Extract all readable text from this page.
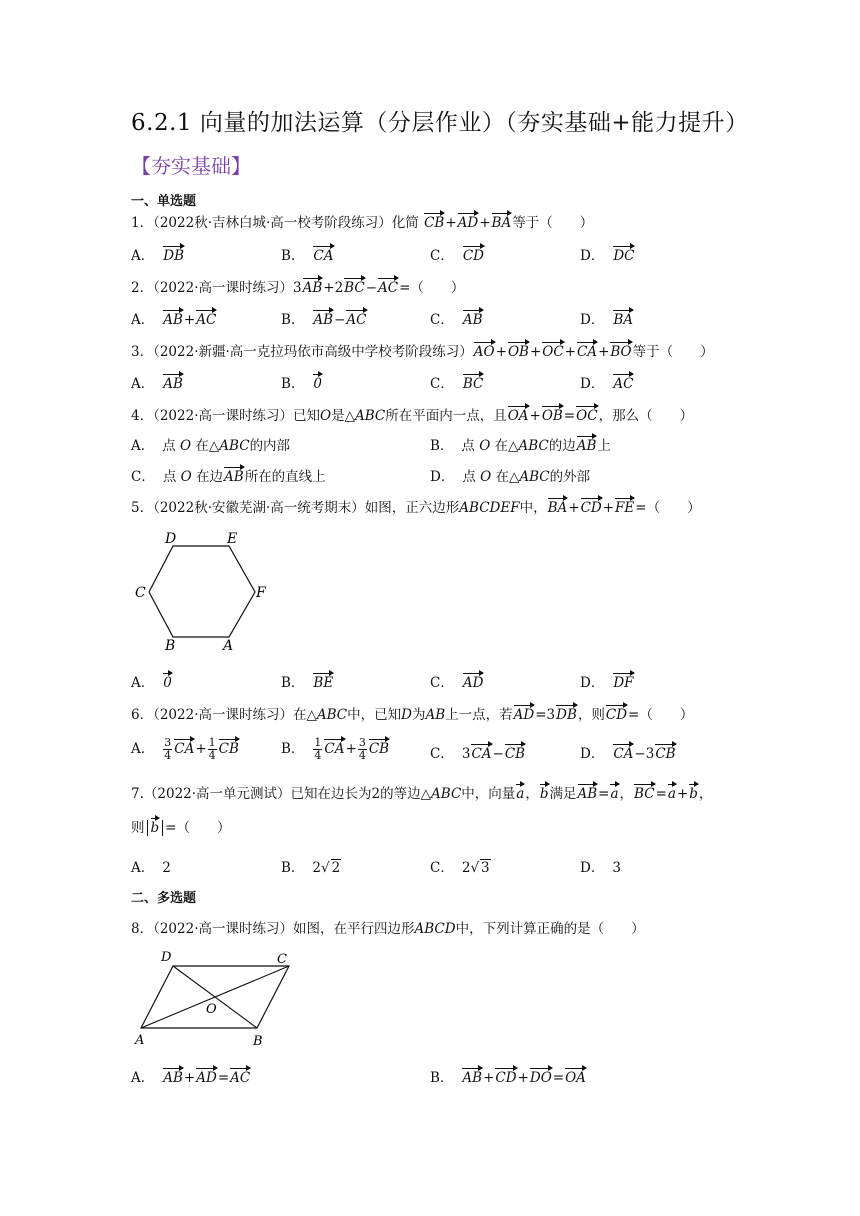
6.2.1 向量的加法运算（分层作业）（夯实基础+能力提升）
【夯实基础】
一、单选题
1．（2022秋·吉林白城·高一校考阶段练习）化简 CB+AD+BA等于（　　）
A． DB	B． CA	C． CD	D． DC
2．（2022·高一课时练习）3AB+2BC−AC=（　　）
A． AB+AC	B． AB−AC	C． AB	D． BA
3．（2022·新疆·高一克拉玛依市高级中学校考阶段练习）AO+OB+OC+CA+BO等于（　　）
A． AB	B． 0	C． BC	D． AC
4．（2022·高一课时练习）已知O是△ABC所在平面内一点，且OA+OB=OC，那么（　　）
A． 点 O 在△ABC的内部	B． 点 O 在△ABC的边AB上
C． 点 O 在边AB所在的直线上	D． 点 O 在△ABC的外部
5．（2022秋·安徽芜湖·高一统考期末）如图，正六边形ABCDEF中，BA+CD+FE=（　　）
A
B
C
D	E
F
A． 0	B． BE	C． AD	D． DF
6．（2022·高一课时练习）在△ABC中，已知D为AB上一点，若AD=3DB，则CD=（　　）
A． $\frac{3}{4} CA+ \frac{1}{4}$ CB	B． $\frac{1}{4} CA+ \frac{3}{4}$ CB	C． 3CA−CB	D． CA−3CB
7.（2022·高一单元测试）已知在边长为2的等边△ABC中，向量a，b满足AB=a，BC=a+b，
则 b =（　　）
A． 2	B． 2√ 2	C． 2√ 3	D． 3
二、多选题
8．（2022·高一课时练习）如图，在平行四边形ABCD中，下列计算正确的是（　　）
A	B
C
D
O
A． AB+AD=AC	B． AB+CD+DO=OA
